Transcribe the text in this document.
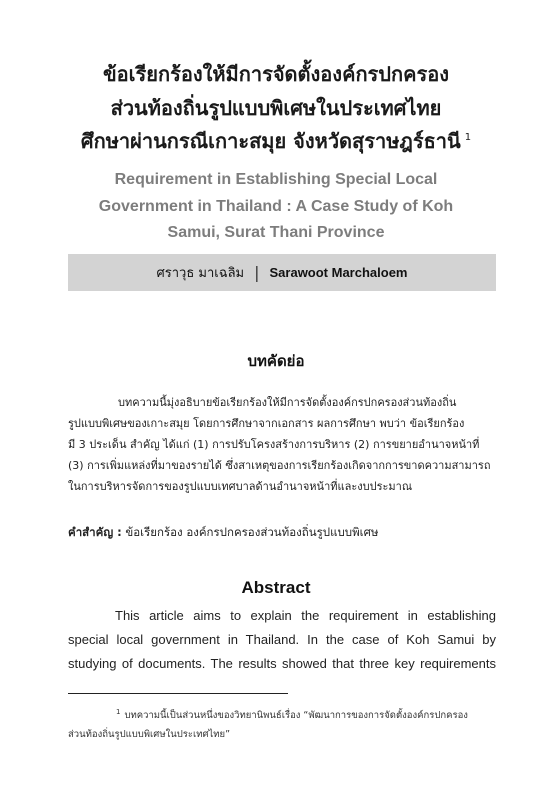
ข้อเรียกร้องให้มีการจัดตั้งองค์กรปกครอง
ส่วนท้องถิ่นรูปแบบพิเศษในประเทศไทย
ศึกษาผ่านกรณีเกาะสมุย จังหวัดสุราษฎร์ธานี $^1$
Requirement in Establishing Special Local
Government in Thailand : A Case Study of Koh
Samui, Surat Thani Province
ศราวุธ มาเฉลิม | Sarawoot Marchaloem
บทคัดย่อ
บทความนี้มุ่งอธิบายข้อเรียกร้องให้มีการจัดตั้งองค์กรปกครองส่วนท้องถิ่น
รูปแบบพิเศษของเกาะสมุย โดยการศึกษาจากเอกสาร ผลการศึกษา พบว่า ข้อเรียกร้อง
มี 3 ประเด็น สำคัญ ได้แก่ (1) การปรับโครงสร้างการบริหาร (2) การขยายอำนาจหน้าที่
(3) การเพิ่มแหล่งที่มาของรายได้ ซึ่งสาเหตุของการเรียกร้องเกิดจากการขาดความสามารถ
ในการบริหารจัดการของรูปแบบเทศบาลด้านอำนาจหน้าที่และงบประมาณ
คำสำคัญ : ข้อเรียกร้อง องค์กรปกครองส่วนท้องถิ่นรูปแบบพิเศษ
Abstract
This article aims to explain the requirement in establishing
special local government in Thailand. In the case of Koh Samui by
studying of documents. The results showed that three key requirements
$^1$ บทความนี้เป็นส่วนหนึ่งของวิทยานิพนธ์เรื่อง “พัฒนาการของการจัดตั้งองค์กรปกครอง
ส่วนท้องถิ่นรูปแบบพิเศษในประเทศไทย”
